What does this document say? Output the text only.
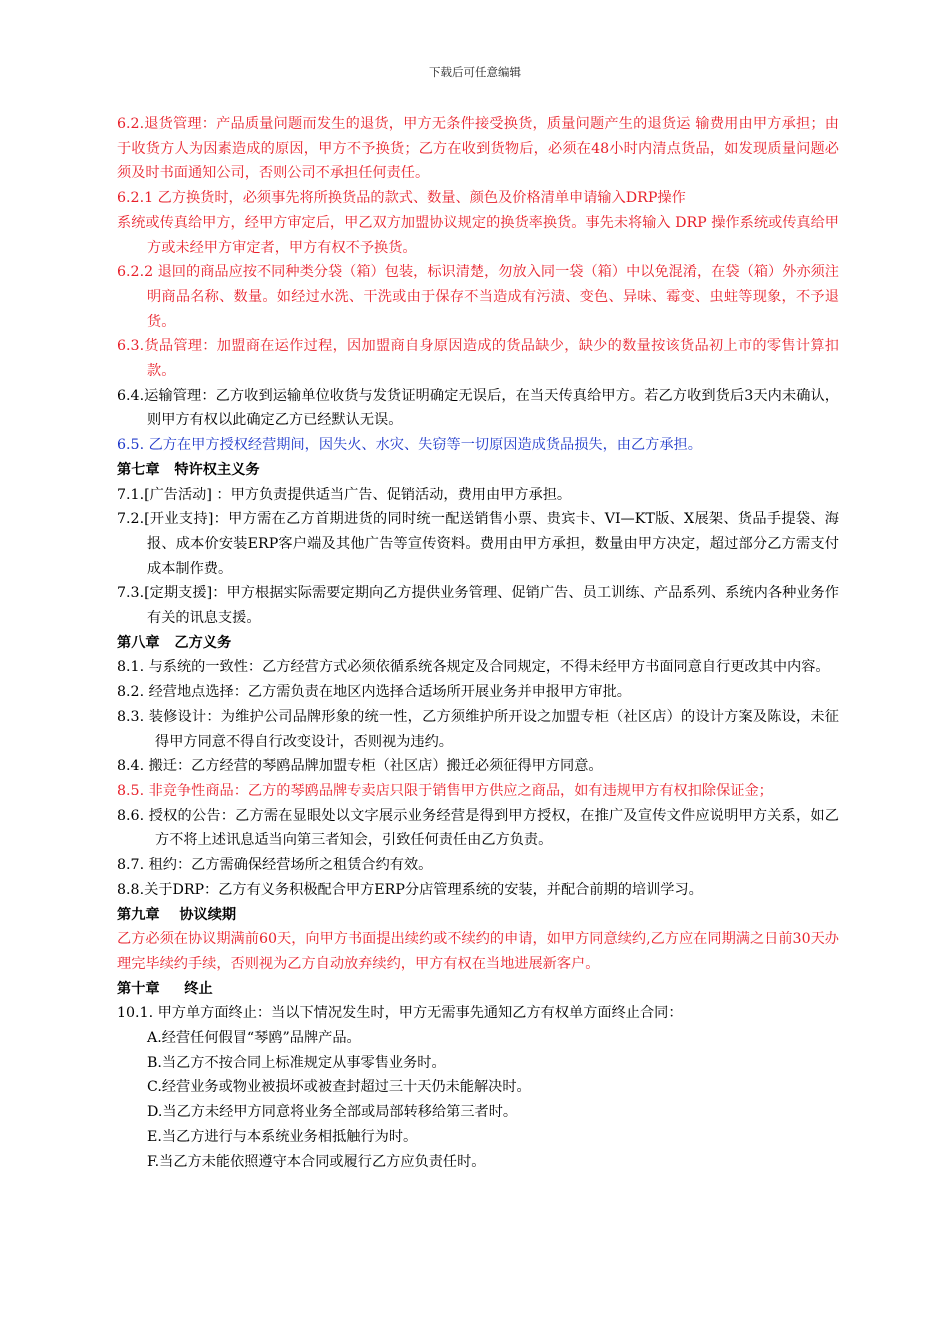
下载后可任意编辑

6.2.退货管理：产品质量问题而发生的退货，甲方无条件接受换货，质量问题产生的退货运 输费用由甲方承担；由于收货方人为因素造成的原因，甲方不予换货；乙方在收到货物后，必须在48小时内清点货品，如发现质量问题必须及时书面通知公司，否则公司不承担任何责任。

6.2.1 乙方换货时，必须事先将所换货品的款式、数量、颜色及价格清单申请输入DRP操作

系统或传真给甲方，经甲方审定后，甲乙双方加盟协议规定的换货率换货。事先未将输入 DRP 操作系统或传真给甲方或未经甲方审定者，甲方有权不予换货。

6.2.2 退回的商品应按不同种类分袋（箱）包装，标识清楚，勿放入同一袋（箱）中以免混淆，在袋（箱）外亦须注明商品名称、数量。如经过水洗、干洗或由于保存不当造成有污渍、变色、异味、霉变、虫蛀等现象，不予退货。

6.3.货品管理：加盟商在运作过程，因加盟商自身原因造成的货品缺少，缺少的数量按该货品初上市的零售计算扣款。

6.4.运输管理：乙方收到运输单位收货与发货证明确定无误后，在当天传真给甲方。若乙方收到货后3天内未确认，则甲方有权以此确定乙方已经默认无误。

6.5. 乙方在甲方授权经营期间，因失火、水灾、失窃等一切原因造成货品损失，由乙方承担。

第七章   特许权主义务

7.1.[广告活动] ：甲方负责提供适当广告、促销活动，费用由甲方承担。

7.2.[开业支持]：甲方需在乙方首期进货的同时统一配送销售小票、贵宾卡、VI—KT版、X展架、货品手提袋、海报、成本价安装ERP客户端及其他广告等宣传资料。费用由甲方承担，数量由甲方决定，超过部分乙方需支付成本制作费。

7.3.[定期支援]：甲方根据实际需要定期向乙方提供业务管理、促销广告、员工训练、产品系列、系统内各种业务作有关的讯息支援。

第八章   乙方义务

8.1. 与系统的一致性：乙方经营方式必须依循系统各规定及合同规定，不得未经甲方书面同意自行更改其中内容。

8.2. 经营地点选择：乙方需负责在地区内选择合适场所开展业务并申报甲方审批。

8.3. 装修设计：为维护公司品牌形象的统一性，乙方须维护所开设之加盟专柜（社区店）的设计方案及陈设，未征得甲方同意不得自行改变设计，否则视为违约。

8.4. 搬迁：乙方经营的琴鸥品牌加盟专柜（社区店）搬迁必须征得甲方同意。

8.5. 非竞争性商品：乙方的琴鸥品牌专卖店只限于销售甲方供应之商品，如有违规甲方有权扣除保证金；

8.6. 授权的公告：乙方需在显眼处以文字展示业务经营是得到甲方授权，在推广及宣传文件应说明甲方关系，如乙方不将上述讯息适当向第三者知会，引致任何责任由乙方负责。

8.7. 租约：乙方需确保经营场所之租赁合约有效。

8.8.关于DRP：乙方有义务积极配合甲方ERP分店管理系统的安装，并配合前期的培训学习。

第九章    协议续期

乙方必须在协议期满前60天，向甲方书面提出续约或不续约的申请，如甲方同意续约,乙方应在同期满之日前30天办理完毕续约手续，否则视为乙方自动放弃续约，甲方有权在当地进展新客户。

第十章     终止

10.1. 甲方单方面终止：当以下情况发生时，甲方无需事先通知乙方有权单方面终止合同：

A.经营任何假冒“琴鸥”品牌产品。

B.当乙方不按合同上标准规定从事零售业务时。

C.经营业务或物业被损坏或被查封超过三十天仍未能解决时。

D.当乙方未经甲方同意将业务全部或局部转移给第三者时。

E.当乙方进行与本系统业务相抵触行为时。

F.当乙方未能依照遵守本合同或履行乙方应负责任时。
